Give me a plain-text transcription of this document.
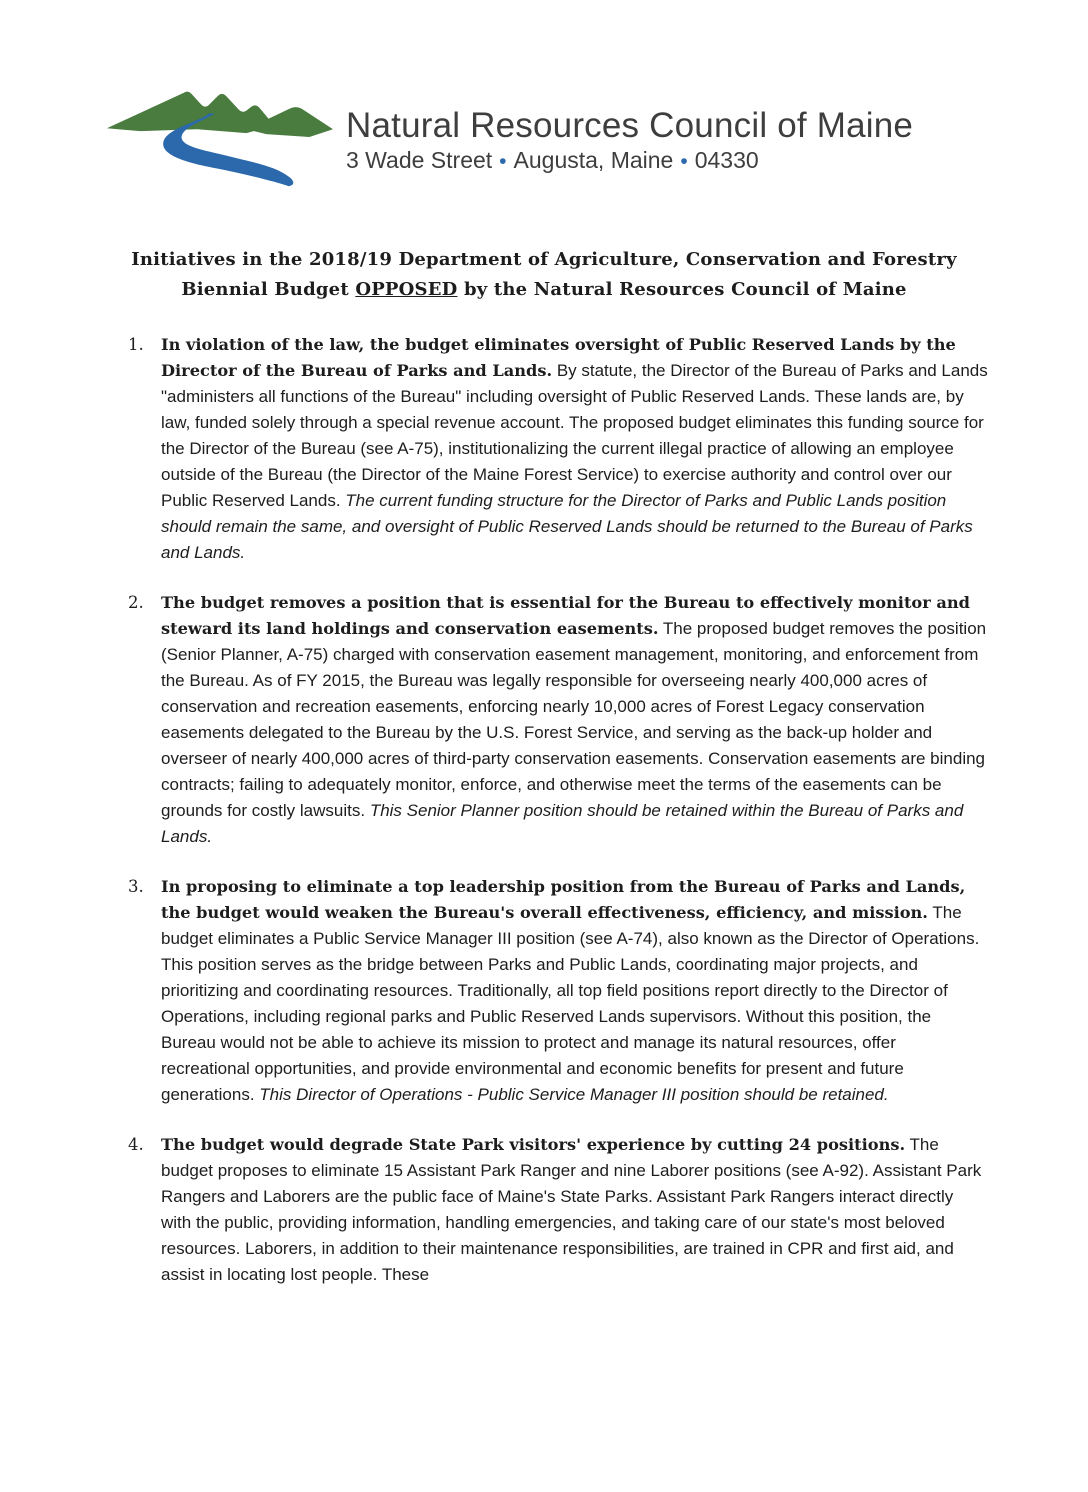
Natural Resources Council of Maine
3 Wade Street • Augusta, Maine • 04330
Initiatives in the 2018/19 Department of Agriculture, Conservation and Forestry
Biennial Budget OPPOSED by the Natural Resources Council of Maine
1. In violation of the law, the budget eliminates oversight of Public Reserved Lands by the Director of the Bureau of Parks and Lands. By statute, the Director of the Bureau of Parks and Lands "administers all functions of the Bureau" including oversight of Public Reserved Lands. These lands are, by law, funded solely through a special revenue account. The proposed budget eliminates this funding source for the Director of the Bureau (see A-75), institutionalizing the current illegal practice of allowing an employee outside of the Bureau (the Director of the Maine Forest Service) to exercise authority and control over our Public Reserved Lands. The current funding structure for the Director of Parks and Public Lands position should remain the same, and oversight of Public Reserved Lands should be returned to the Bureau of Parks and Lands.

2. The budget removes a position that is essential for the Bureau to effectively monitor and steward its land holdings and conservation easements. The proposed budget removes the position (Senior Planner, A-75) charged with conservation easement management, monitoring, and enforcement from the Bureau. As of FY 2015, the Bureau was legally responsible for overseeing nearly 400,000 acres of conservation and recreation easements, enforcing nearly 10,000 acres of Forest Legacy conservation easements delegated to the Bureau by the U.S. Forest Service, and serving as the back-up holder and overseer of nearly 400,000 acres of third-party conservation easements. Conservation easements are binding contracts; failing to adequately monitor, enforce, and otherwise meet the terms of the easements can be grounds for costly lawsuits. This Senior Planner position should be retained within the Bureau of Parks and Lands.

3. In proposing to eliminate a top leadership position from the Bureau of Parks and Lands, the budget would weaken the Bureau's overall effectiveness, efficiency, and mission. The budget eliminates a Public Service Manager III position (see A-74), also known as the Director of Operations. This position serves as the bridge between Parks and Public Lands, coordinating major projects, and prioritizing and coordinating resources. Traditionally, all top field positions report directly to the Director of Operations, including regional parks and Public Reserved Lands supervisors. Without this position, the Bureau would not be able to achieve its mission to protect and manage its natural resources, offer recreational opportunities, and provide environmental and economic benefits for present and future generations. This Director of Operations - Public Service Manager III position should be retained.

4. The budget would degrade State Park visitors' experience by cutting 24 positions. The budget proposes to eliminate 15 Assistant Park Ranger and nine Laborer positions (see A-92). Assistant Park Rangers and Laborers are the public face of Maine's State Parks. Assistant Park Rangers interact directly with the public, providing information, handling emergencies, and taking care of our state's most beloved resources. Laborers, in addition to their maintenance responsibilities, are trained in CPR and first aid, and assist in locating lost people. These
